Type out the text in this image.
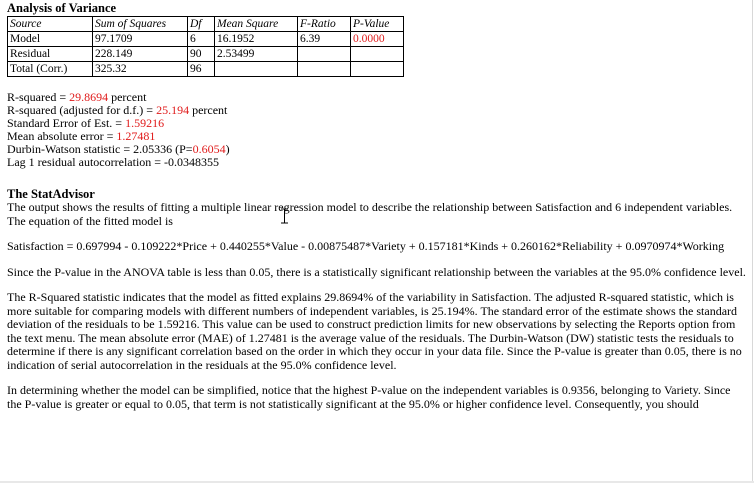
Analysis of Variance
Source	Sum of Squares	Df	Mean Square	F-Ratio	P-Value
Model	97.1709	6	16.1952	6.39	0.0000
Residual	228.149	90	2.53499		
Total (Corr.)	325.32	96			
R-squared = 29.8694 percent
R-squared (adjusted for d.f.) = 25.194 percent
Standard Error of Est. = 1.59216
Mean absolute error = 1.27481
Durbin-Watson statistic = 2.05336 (P=0.6054)
Lag 1 residual autocorrelation = -0.0348355
The StatAdvisor

The output shows the results of fitting a multiple linear regression model to describe the relationship between Satisfaction and 6 independent variables. The equation of the fitted model is

Satisfaction = 0.697994 - 0.109222*Price + 0.440255*Value - 0.00875487*Variety + 0.157181*Kinds + 0.260162*Reliability + 0.0970974*Working

Since the P-value in the ANOVA table is less than 0.05, there is a statistically significant relationship between the variables at the 95.0% confidence level.

The R-Squared statistic indicates that the model as fitted explains 29.8694% of the variability in Satisfaction. The adjusted R-squared statistic, which is more suitable for comparing models with different numbers of independent variables, is 25.194%. The standard error of the estimate shows the standard deviation of the residuals to be 1.59216. This value can be used to construct prediction limits for new observations by selecting the Reports option from the text menu. The mean absolute error (MAE) of 1.27481 is the average value of the residuals. The Durbin-Watson (DW) statistic tests the residuals to determine if there is any significant correlation based on the order in which they occur in your data file. Since the P-value is greater than 0.05, there is no indication of serial autocorrelation in the residuals at the 95.0% confidence level.

In determining whether the model can be simplified, notice that the highest P-value on the independent variables is 0.9356, belonging to Variety. Since the P-value is greater or equal to 0.05, that term is not statistically significant at the 95.0% or higher confidence level. Consequently, you should
